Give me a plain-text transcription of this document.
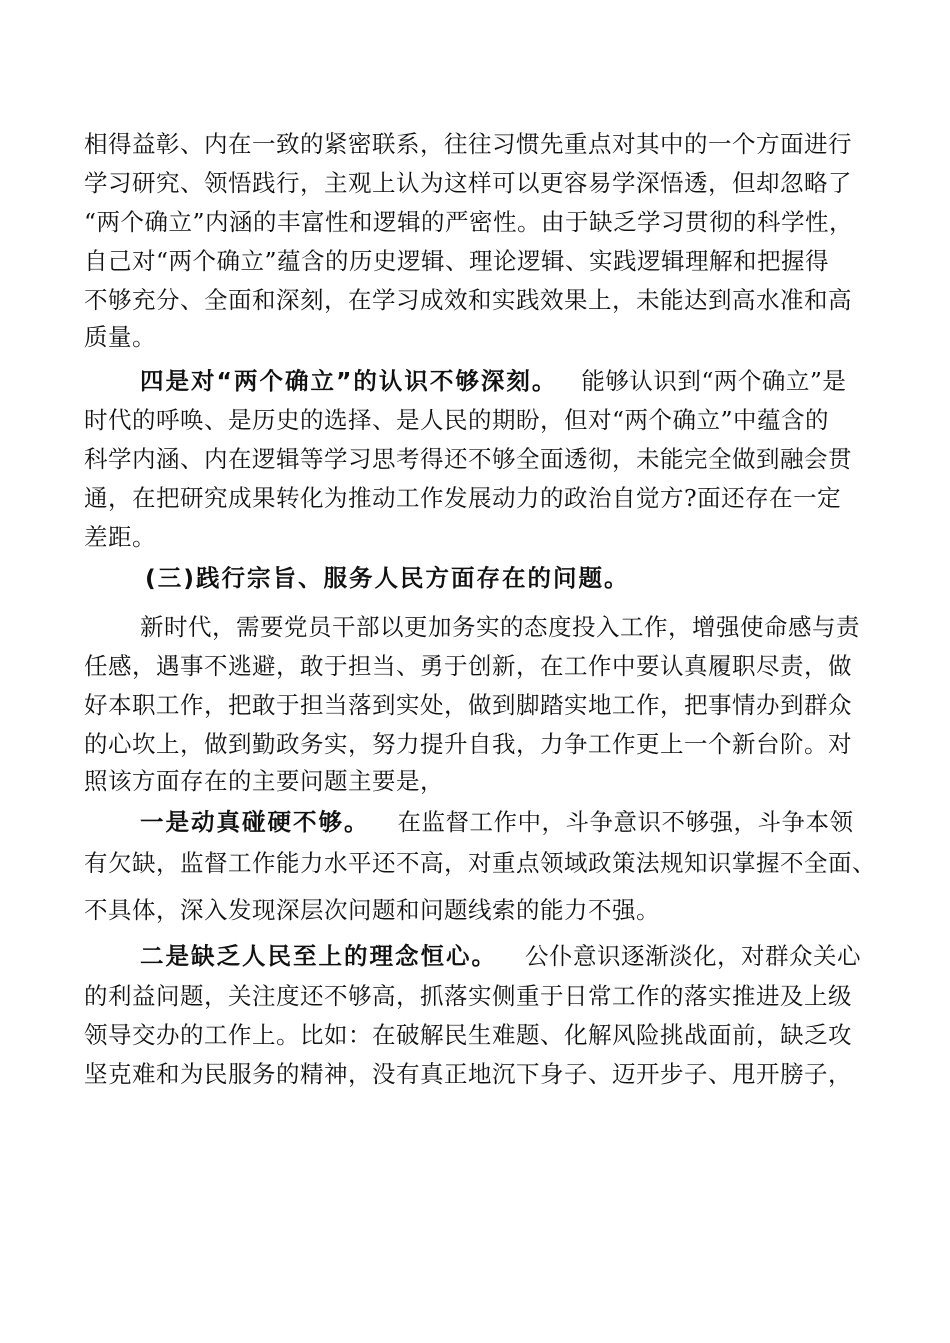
相得益彰、内在一致的紧密联系，往往习惯先重点对其中的一个方面进行
学习研究、领悟践行，主观上认为这样可以更容易学深悟透，但却忽略了
“两个确立”内涵的丰富性和逻辑的严密性。由于缺乏学习贯彻的科学性，
自己对“两个确立”蕴含的历史逻辑、理论逻辑、实践逻辑理解和把握得
不够充分、全面和深刻，在学习成效和实践效果上，未能达到高水准和高
质量。
四是对“两个确立”的认识不够深刻。 能够认识到“两个确立”是
时代的呼唤、是历史的选择、是人民的期盼，但对“两个确立”中蕴含的
科学内涵、内在逻辑等学习思考得还不够全面透彻，未能完全做到融会贯
通，在把研究成果转化为推动工作发展动力的政治自觉方?面还存在一定
差距。
(三)践行宗旨、服务人民方面存在的问题。
新时代，需要党员干部以更加务实的态度投入工作，增强使命感与责
任感，遇事不逃避，敢于担当、勇于创新，在工作中要认真履职尽责，做
好本职工作，把敢于担当落到实处，做到脚踏实地工作，把事情办到群众
的心坎上，做到勤政务实，努力提升自我，力争工作更上一个新台阶。对
照该方面存在的主要问题主要是，
一是动真碰硬不够。 在监督工作中，斗争意识不够强，斗争本领
有欠缺，监督工作能力水平还不高，对重点领域政策法规知识掌握不全面、
不具体，深入发现深层次问题和问题线索的能力不强。
二是缺乏人民至上的理念恒心。 公仆意识逐渐淡化，对群众关心
的利益问题，关注度还不够高，抓落实侧重于日常工作的落实推进及上级
领导交办的工作上。比如：在破解民生难题、化解风险挑战面前，缺乏攻
坚克难和为民服务的精神，没有真正地沉下身子、迈开步子、甩开膀子，
